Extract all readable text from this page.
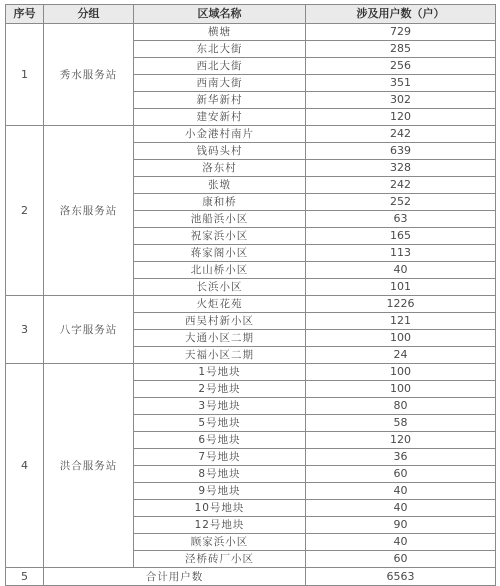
序号	分组	区域名称	涉及用户数（户）
1	秀水服务站	横塘	729
		东北大街	285
		西北大街	256
		西南大街	351
		新华新村	302
		建安新村	120
2	洛东服务站	小金港村南片	242
		钱码头村	639
		洛东村	328
		张墩	242
		康和桥	252
		池船浜小区	63
		祝家浜小区	165
		蒋家阁小区	113
		北山桥小区	40
		长浜小区	101
3	八字服务站	火炬花苑	1226
		西吴村新小区	121
		大通小区二期	100
		天福小区二期	24
4	洪合服务站	1号地块	100
		2号地块	100
		3号地块	80
		5号地块	58
		6号地块	120
		7号地块	36
		8号地块	60
		9号地块	40
		10号地块	40
		12号地块	90
		顾家浜小区	40
		泾桥砖厂小区	60
5	合计用户数		6563
